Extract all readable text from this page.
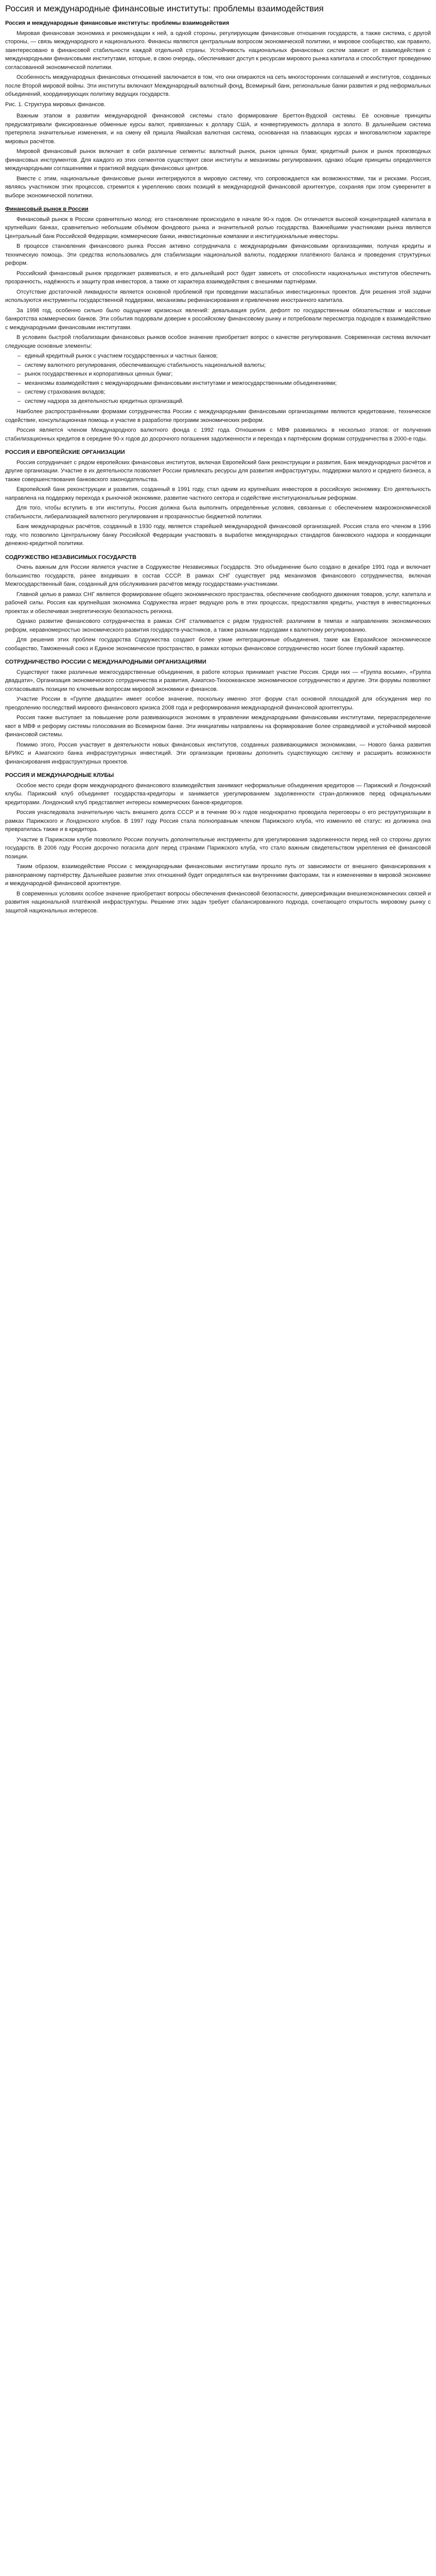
Россия и международные финансовые институты: проблемы взаимодействия
Россия и международные финансовые институты: проблемы взаимодействия

Мировая финансовая экономика и рекомендации к ней, а одной стороны, регулирующим финансовые отношения государств, а также система, с другой стороны, — связь международного и национального. Финансы являются центральным вопросом экономической политики, и мировое сообщество, как правило, заинтересовано в финансовой стабильности каждой отдельной страны. Устойчивость национальных финансовых систем зависит от взаимодействия с международными финансовыми институтами, которые, в свою очередь, обеспечивают доступ к ресурсам мирового рынка капитала и способствуют проведению согласованной экономической политики.

Особенность международных финансовых отношений заключается в том, что они опираются на сеть многосторонних соглашений и институтов, созданных после Второй мировой войны. Эти институты включают Международный валютный фонд, Всемирный банк, региональные банки развития и ряд неформальных объединений, координирующих политику ведущих государств.

Рис. 1. Структура мировых финансов.

Важным этапом в развитии международной финансовой системы стало формирование Бреттон-Вудской системы. Её основные принципы предусматривали фиксированные обменные курсы валют, привязанных к доллару США, и конвертируемость доллара в золото. В дальнейшем система претерпела значительные изменения, и на смену ей пришла Ямайская валютная система, основанная на плавающих курсах и многовалютном характере мировых расчётов.

Мировой финансовый рынок включает в себя различные сегменты: валютный рынок, рынок ценных бумаг, кредитный рынок и рынок производных финансовых инструментов. Для каждого из этих сегментов существуют свои институты и механизмы регулирования, однако общие принципы определяются международными соглашениями и практикой ведущих финансовых центров.

Вместе с этим, национальные финансовые рынки интегрируются в мировую систему, что сопровождается как возможностями, так и рисками. Россия, являясь участником этих процессов, стремится к укреплению своих позиций в международной финансовой архитектуре, сохраняя при этом суверенитет в выборе экономической политики.

Финансовый рынок в России

Финансовый рынок в России сравнительно молод: его становление происходило в начале 90-х годов. Он отличается высокой концентрацией капитала в крупнейших банках, сравнительно небольшим объёмом фондового рынка и значительной ролью государства. Важнейшими участниками рынка являются Центральный банк Российской Федерации, коммерческие банки, инвестиционные компании и институциональные инвесторы.

В процессе становления финансового рынка Россия активно сотрудничала с международными финансовыми организациями, получая кредиты и техническую помощь. Эти средства использовались для стабилизации национальной валюты, поддержки платёжного баланса и проведения структурных реформ.

Российский финансовый рынок продолжает развиваться, и его дальнейший рост будет зависеть от способности национальных институтов обеспечить прозрачность, надёжность и защиту прав инвесторов, а также от характера взаимодействия с внешними партнёрами.

Отсутствие достаточной ликвидности является основной проблемой при проведении масштабных инвестиционных проектов. Для решения этой задачи используются инструменты государственной поддержки, механизмы рефинансирования и привлечение иностранного капитала.

За 1998 год, особенно сильно было ощущение кризисных явлений: девальвация рубля, дефолт по государственным обязательствам и массовые банкротства коммерческих банков. Эти события подорвали доверие к российскому финансовому рынку и потребовали пересмотра подходов к взаимодействию с международными финансовыми институтами.

В условиях быстрой глобализации финансовых рынков особое значение приобретает вопрос о качестве регулирования. Современная система включает следующие основные элементы:

– единый кредитный рынок с участием государственных и частных банков;
– систему валютного регулирования, обеспечивающую стабильность национальной валюты;
– рынок государственных и корпоративных ценных бумаг;
– механизмы взаимодействия с международными финансовыми институтами и межгосударственными объединениями;
– систему страхования вкладов;
– систему надзора за деятельностью кредитных организаций.

Наиболее распространёнными формами сотрудничества России с международными финансовыми организациями являются кредитование, техническое содействие, консультационная помощь и участие в разработке программ экономических реформ.

Россия является членом Международного валютного фонда с 1992 года. Отношения с МВФ развивались в несколько этапов: от получения стабилизационных кредитов в середине 90-х годов до досрочного погашения задолженности и перехода к партнёрским формам сотрудничества в 2000-е годы.

РОССИЯ И ЕВРОПЕЙСКИЕ ОРГАНИЗАЦИИ

Россия сотрудничает с рядом европейских финансовых институтов, включая Европейский банк реконструкции и развития, Банк международных расчётов и другие организации. Участие в их деятельности позволяет России привлекать ресурсы для развития инфраструктуры, поддержки малого и среднего бизнеса, а также совершенствования банковского законодательства.

Европейский банк реконструкции и развития, созданный в 1991 году, стал одним из крупнейших инвесторов в российскую экономику. Его деятельность направлена на поддержку перехода к рыночной экономике, развитие частного сектора и содействие институциональным реформам.

Для того, чтобы вступить в эти институты, Россия должна была выполнить определённые условия, связанные с обеспечением макроэкономической стабильности, либерализацией валютного регулирования и прозрачностью бюджетной политики.

Банк международных расчётов, созданный в 1930 году, является старейшей международной финансовой организацией. Россия стала его членом в 1996 году, что позволило Центральному банку Российской Федерации участвовать в выработке международных стандартов банковского надзора и координации денежно-кредитной политики.

СОДРУЖЕСТВО НЕЗАВИСИМЫХ ГОСУДАРСТВ

Очень важным для России является участие в Содружестве Независимых Государств. Это объединение было создано в декабре 1991 года и включает большинство государств, ранее входивших в состав СССР. В рамках СНГ существует ряд механизмов финансового сотрудничества, включая Межгосударственный банк, созданный для обслуживания расчётов между государствами-участниками.

Главной целью в рамках СНГ является формирование общего экономического пространства, обеспечение свободного движения товаров, услуг, капитала и рабочей силы. Россия как крупнейшая экономика Содружества играет ведущую роль в этих процессах, предоставляя кредиты, участвуя в инвестиционных проектах и обеспечивая энергетическую безопасность региона.

Однако развитие финансового сотрудничества в рамках СНГ сталкивается с рядом трудностей: различием в темпах и направлениях экономических реформ, неравномерностью экономического развития государств-участников, а также разными подходами к валютному регулированию.

Для решения этих проблем государства Содружества создают более узкие интеграционные объединения, такие как Евразийское экономическое сообщество, Таможенный союз и Единое экономическое пространство, в рамках которых финансовое сотрудничество носит более глубокий характер.

СОТРУДНИЧЕСТВО РОССИИ С МЕЖДУНАРОДНЫМИ ОРГАНИЗАЦИЯМИ

Существуют также различные межгосударственные объединения, в работе которых принимает участие Россия. Среди них — «Группа восьми», «Группа двадцати», Организация экономического сотрудничества и развития, Азиатско-Тихоокеанское экономическое сотрудничество и другие. Эти форумы позволяют согласовывать позиции по ключевым вопросам мировой экономики и финансов.

Участие России в «Группе двадцати» имеет особое значение, поскольку именно этот форум стал основной площадкой для обсуждения мер по преодолению последствий мирового финансового кризиса 2008 года и реформирования международной финансовой архитектуры.

Россия также выступает за повышение роли развивающихся экономик в управлении международными финансовыми институтами, перераспределение квот в МВФ и реформу системы голосования во Всемирном банке. Эти инициативы направлены на формирование более справедливой и устойчивой мировой финансовой системы.

Помимо этого, Россия участвует в деятельности новых финансовых институтов, созданных развивающимися экономиками, — Нового банка развития БРИКС и Азиатского банка инфраструктурных инвестиций. Эти организации призваны дополнить существующую систему и расширить возможности финансирования инфраструктурных проектов.

РОССИЯ И МЕЖДУНАРОДНЫЕ КЛУБЫ

Особое место среди форм международного финансового взаимодействия занимают неформальные объединения кредиторов — Парижский и Лондонский клубы. Парижский клуб объединяет государства-кредиторы и занимается урегулированием задолженности стран-должников перед официальными кредиторами. Лондонский клуб представляет интересы коммерческих банков-кредиторов.

Россия унаследовала значительную часть внешнего долга СССР и в течение 90-х годов неоднократно проводила переговоры о его реструктуризации в рамках Парижского и Лондонского клубов. В 1997 году Россия стала полноправным членом Парижского клуба, что изменило её статус: из должника она превратилась также и в кредитора.

Участие в Парижском клубе позволило России получить дополнительные инструменты для урегулирования задолженности перед ней со стороны других государств. В 2006 году Россия досрочно погасила долг перед странами Парижского клуба, что стало важным свидетельством укрепления её финансовой позиции.

Таким образом, взаимодействие России с международными финансовыми институтами прошло путь от зависимости от внешнего финансирования к равноправному партнёрству. Дальнейшее развитие этих отношений будет определяться как внутренними факторами, так и изменениями в мировой экономике и международной финансовой архитектуре.

В современных условиях особое значение приобретают вопросы обеспечения финансовой безопасности, диверсификации внешнеэкономических связей и развития национальной платёжной инфраструктуры. Решение этих задач требует сбалансированного подхода, сочетающего открытость мировому рынку с защитой национальных интересов.
